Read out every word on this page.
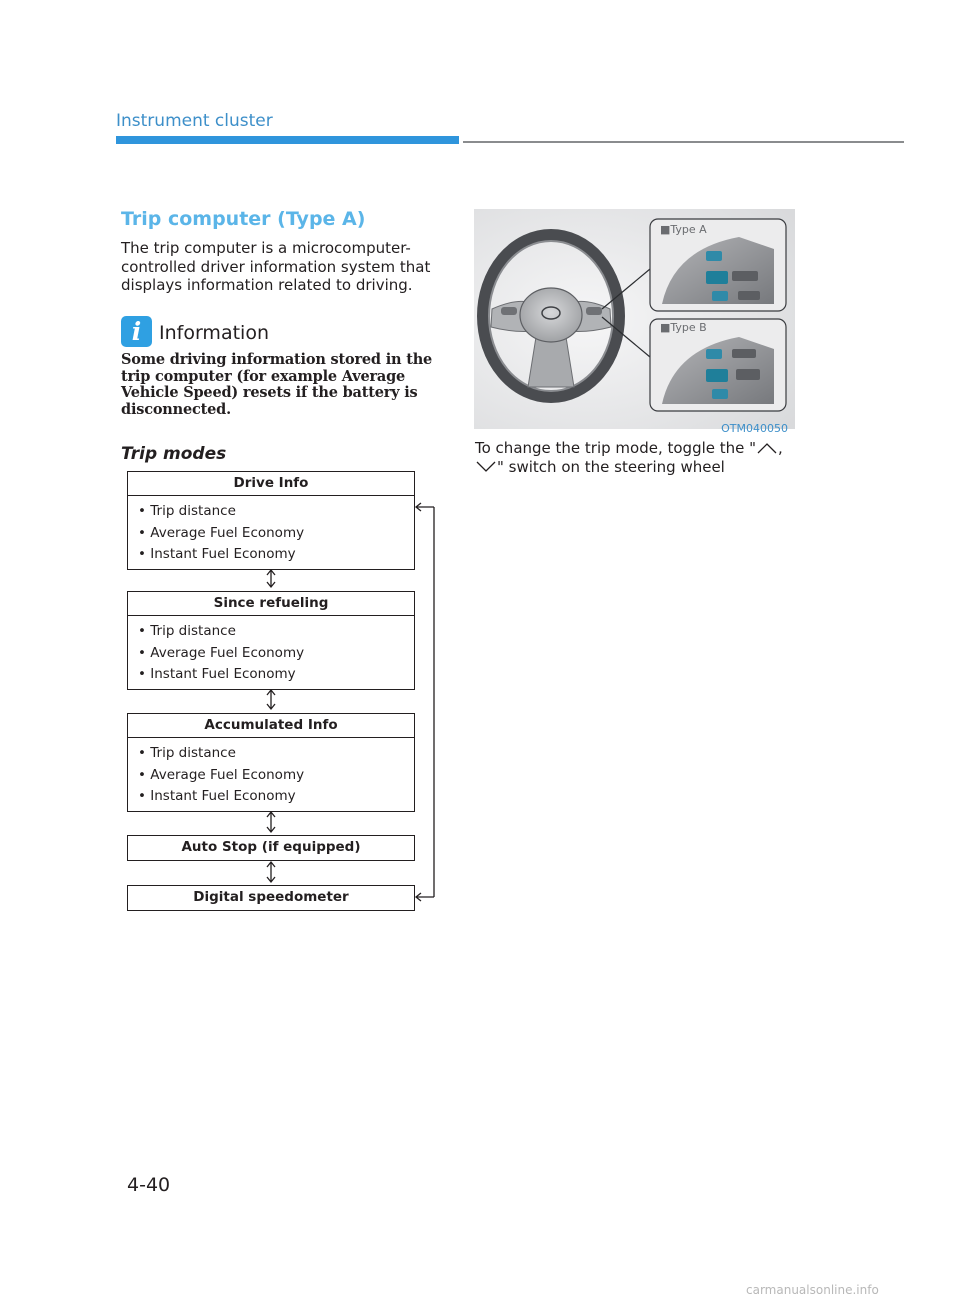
Instrument cluster
Trip computer (Type A)

The trip computer is a microcomputer-controlled driver information system that displays information related to driving.

i Information

Some driving information stored in the trip computer (for example Average Vehicle Speed) resets if the battery is disconnected.

Trip modes
Drive Info
• Trip distance
• Average Fuel Economy
• Instant Fuel Economy
Since refueling
• Trip distance
• Average Fuel Economy
• Instant Fuel Economy
Accumulated Info
• Trip distance
• Average Fuel Economy
• Instant Fuel Economy
Auto Stop (if equipped)
Digital speedometer
■Type A
■Type B
OTM040050

To change the trip mode, toggle the " , " switch on the steering wheel

4-40
carmanualsonline.info
